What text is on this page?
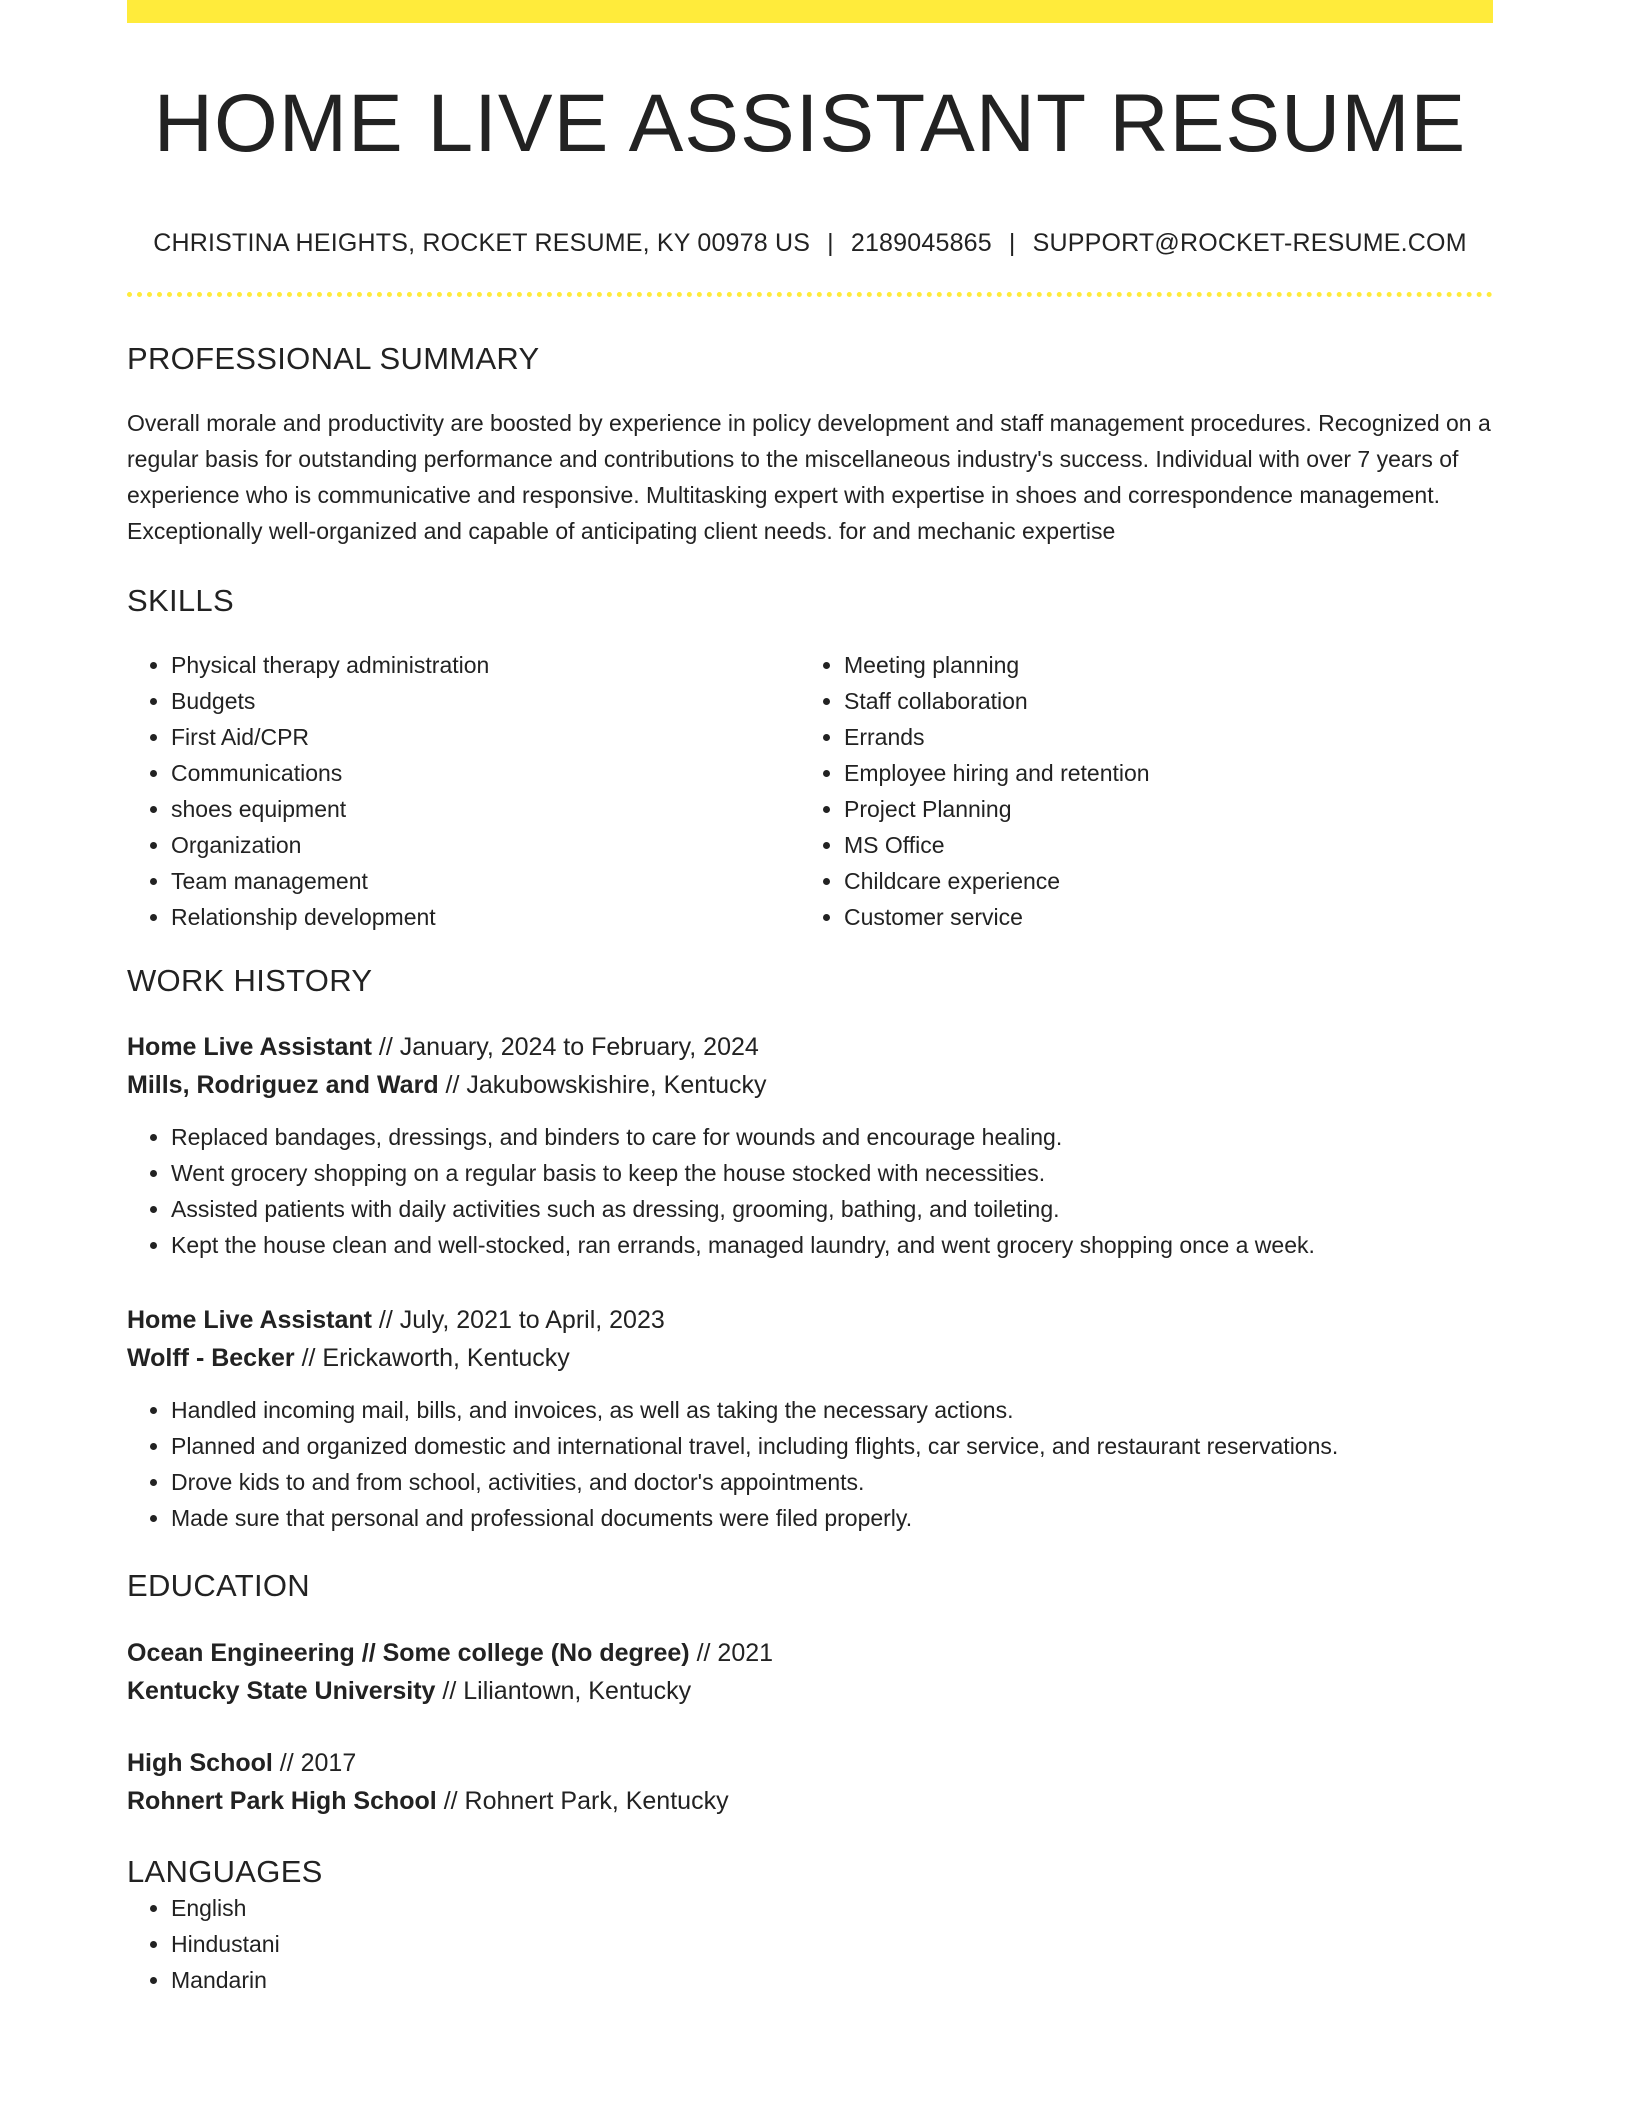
HOME LIVE ASSISTANT RESUME
CHRISTINA HEIGHTS, ROCKET RESUME, KY 00978 US | 2189045865 | SUPPORT@ROCKET-RESUME.COM
PROFESSIONAL SUMMARY
Overall morale and productivity are boosted by experience in policy development and staff management procedures. Recognized on a regular basis for outstanding performance and contributions to the miscellaneous industry's success. Individual with over 7 years of experience who is communicative and responsive. Multitasking expert with expertise in shoes and correspondence management. Exceptionally well-organized and capable of anticipating client needs. for and mechanic expertise
SKILLS
• Physical therapy administration
• Budgets
• First Aid/CPR
• Communications
• shoes equipment
• Organization
• Team management
• Relationship development
• Meeting planning
• Staff collaboration
• Errands
• Employee hiring and retention
• Project Planning
• MS Office
• Childcare experience
• Customer service
WORK HISTORY
Home Live Assistant // January, 2024 to February, 2024
Mills, Rodriguez and Ward // Jakubowskishire, Kentucky
• Replaced bandages, dressings, and binders to care for wounds and encourage healing.
• Went grocery shopping on a regular basis to keep the house stocked with necessities.
• Assisted patients with daily activities such as dressing, grooming, bathing, and toileting.
• Kept the house clean and well-stocked, ran errands, managed laundry, and went grocery shopping once a week.
Home Live Assistant // July, 2021 to April, 2023
Wolff - Becker // Erickaworth, Kentucky
• Handled incoming mail, bills, and invoices, as well as taking the necessary actions.
• Planned and organized domestic and international travel, including flights, car service, and restaurant reservations.
• Drove kids to and from school, activities, and doctor's appointments.
• Made sure that personal and professional documents were filed properly.
EDUCATION
Ocean Engineering // Some college (No degree) // 2021
Kentucky State University // Liliantown, Kentucky
High School // 2017
Rohnert Park High School // Rohnert Park, Kentucky
LANGUAGES
• English
• Hindustani
• Mandarin
